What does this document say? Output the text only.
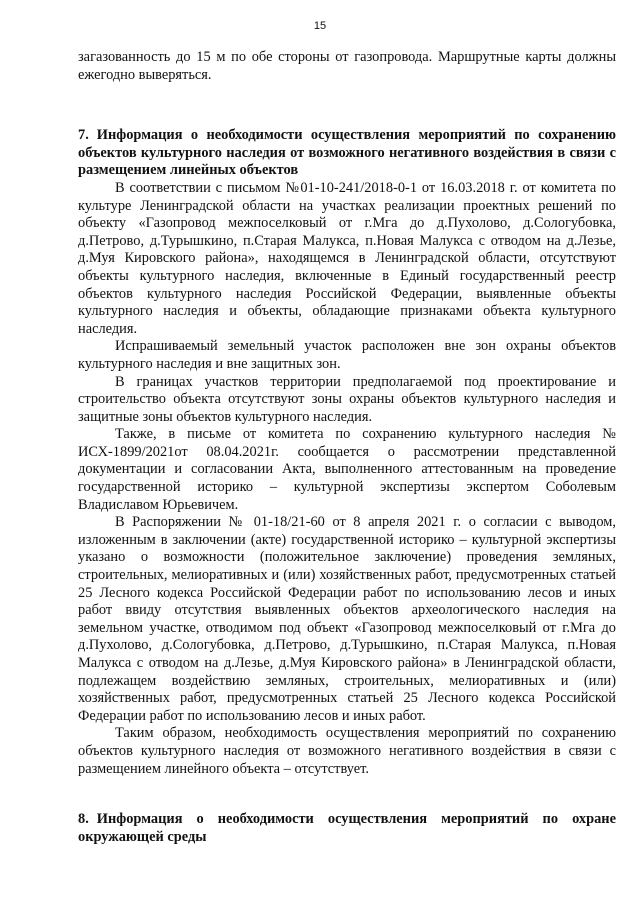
15

загазованность до 15 м по обе стороны от газопровода. Маршрутные карты должны ежегодно выверяться.

7. Информация о необходимости осуществления мероприятий по сохранению объектов культурного наследия от возможного негативного воздействия в связи с размещением линейных объектов

В соответствии с письмом №01-10-241/2018-0-1 от 16.03.2018 г. от комитета по культуре Ленинградской области на участках реализации проектных решений по объекту «Газопровод межпоселковый от г.Мга до д.Пухолово, д.Сологубовка, д.Петрово, д.Турышкино, п.Старая Малукса, п.Новая Малукса с отводом на д.Лезье, д.Муя Кировского района», находящемся в Ленинградской области, отсутствуют объекты культурного наследия, включенные в Единый государственный реестр объектов культурного наследия Российской Федерации, выявленные объекты культурного наследия и объекты, обладающие признаками объекта культурного наследия.

Испрашиваемый земельный участок расположен вне зон охраны объектов культурного наследия и вне защитных зон.

В границах участков территории предполагаемой под проектирование и строительство объекта отсутствуют зоны охраны объектов культурного наследия и защитные зоны объектов культурного наследия.

Также, в письме от комитета по сохранению культурного наследия № ИСХ-1899/2021от 08.04.2021г. сообщается о рассмотрении представленной документации и согласовании Акта, выполненного аттестованным на проведение государственной историко – культурной экспертизы экспертом Соболевым Владиславом Юрьевичем.

В Распоряжении № 01-18/21-60 от 8 апреля 2021 г. о согласии с выводом, изложенным в заключении (акте) государственной историко – культурной экспертизы указано о возможности (положительное заключение) проведения земляных, строительных, мелиоративных и (или) хозяйственных работ, предусмотренных статьей 25 Лесного кодекса Российской Федерации работ по использованию лесов и иных работ ввиду отсутствия выявленных объектов археологического наследия на земельном участке, отводимом под объект «Газопровод межпоселковый от г.Мга до д.Пухолово, д.Сологубовка, д.Петрово, д.Турышкино, п.Старая Малукса, п.Новая Малукса с отводом на д.Лезье, д.Муя Кировского района» в Ленинградской области, подлежащем воздействию земляных, строительных, мелиоративных и (или) хозяйственных работ, предусмотренных статьей 25 Лесного кодекса Российской Федерации работ по использованию лесов и иных работ.

Таким образом, необходимость осуществления мероприятий по сохранению объектов культурного наследия от возможного негативного воздействия в связи с размещением линейного объекта – отсутствует.

8. Информация о необходимости осуществления мероприятий по охране окружающей среды
